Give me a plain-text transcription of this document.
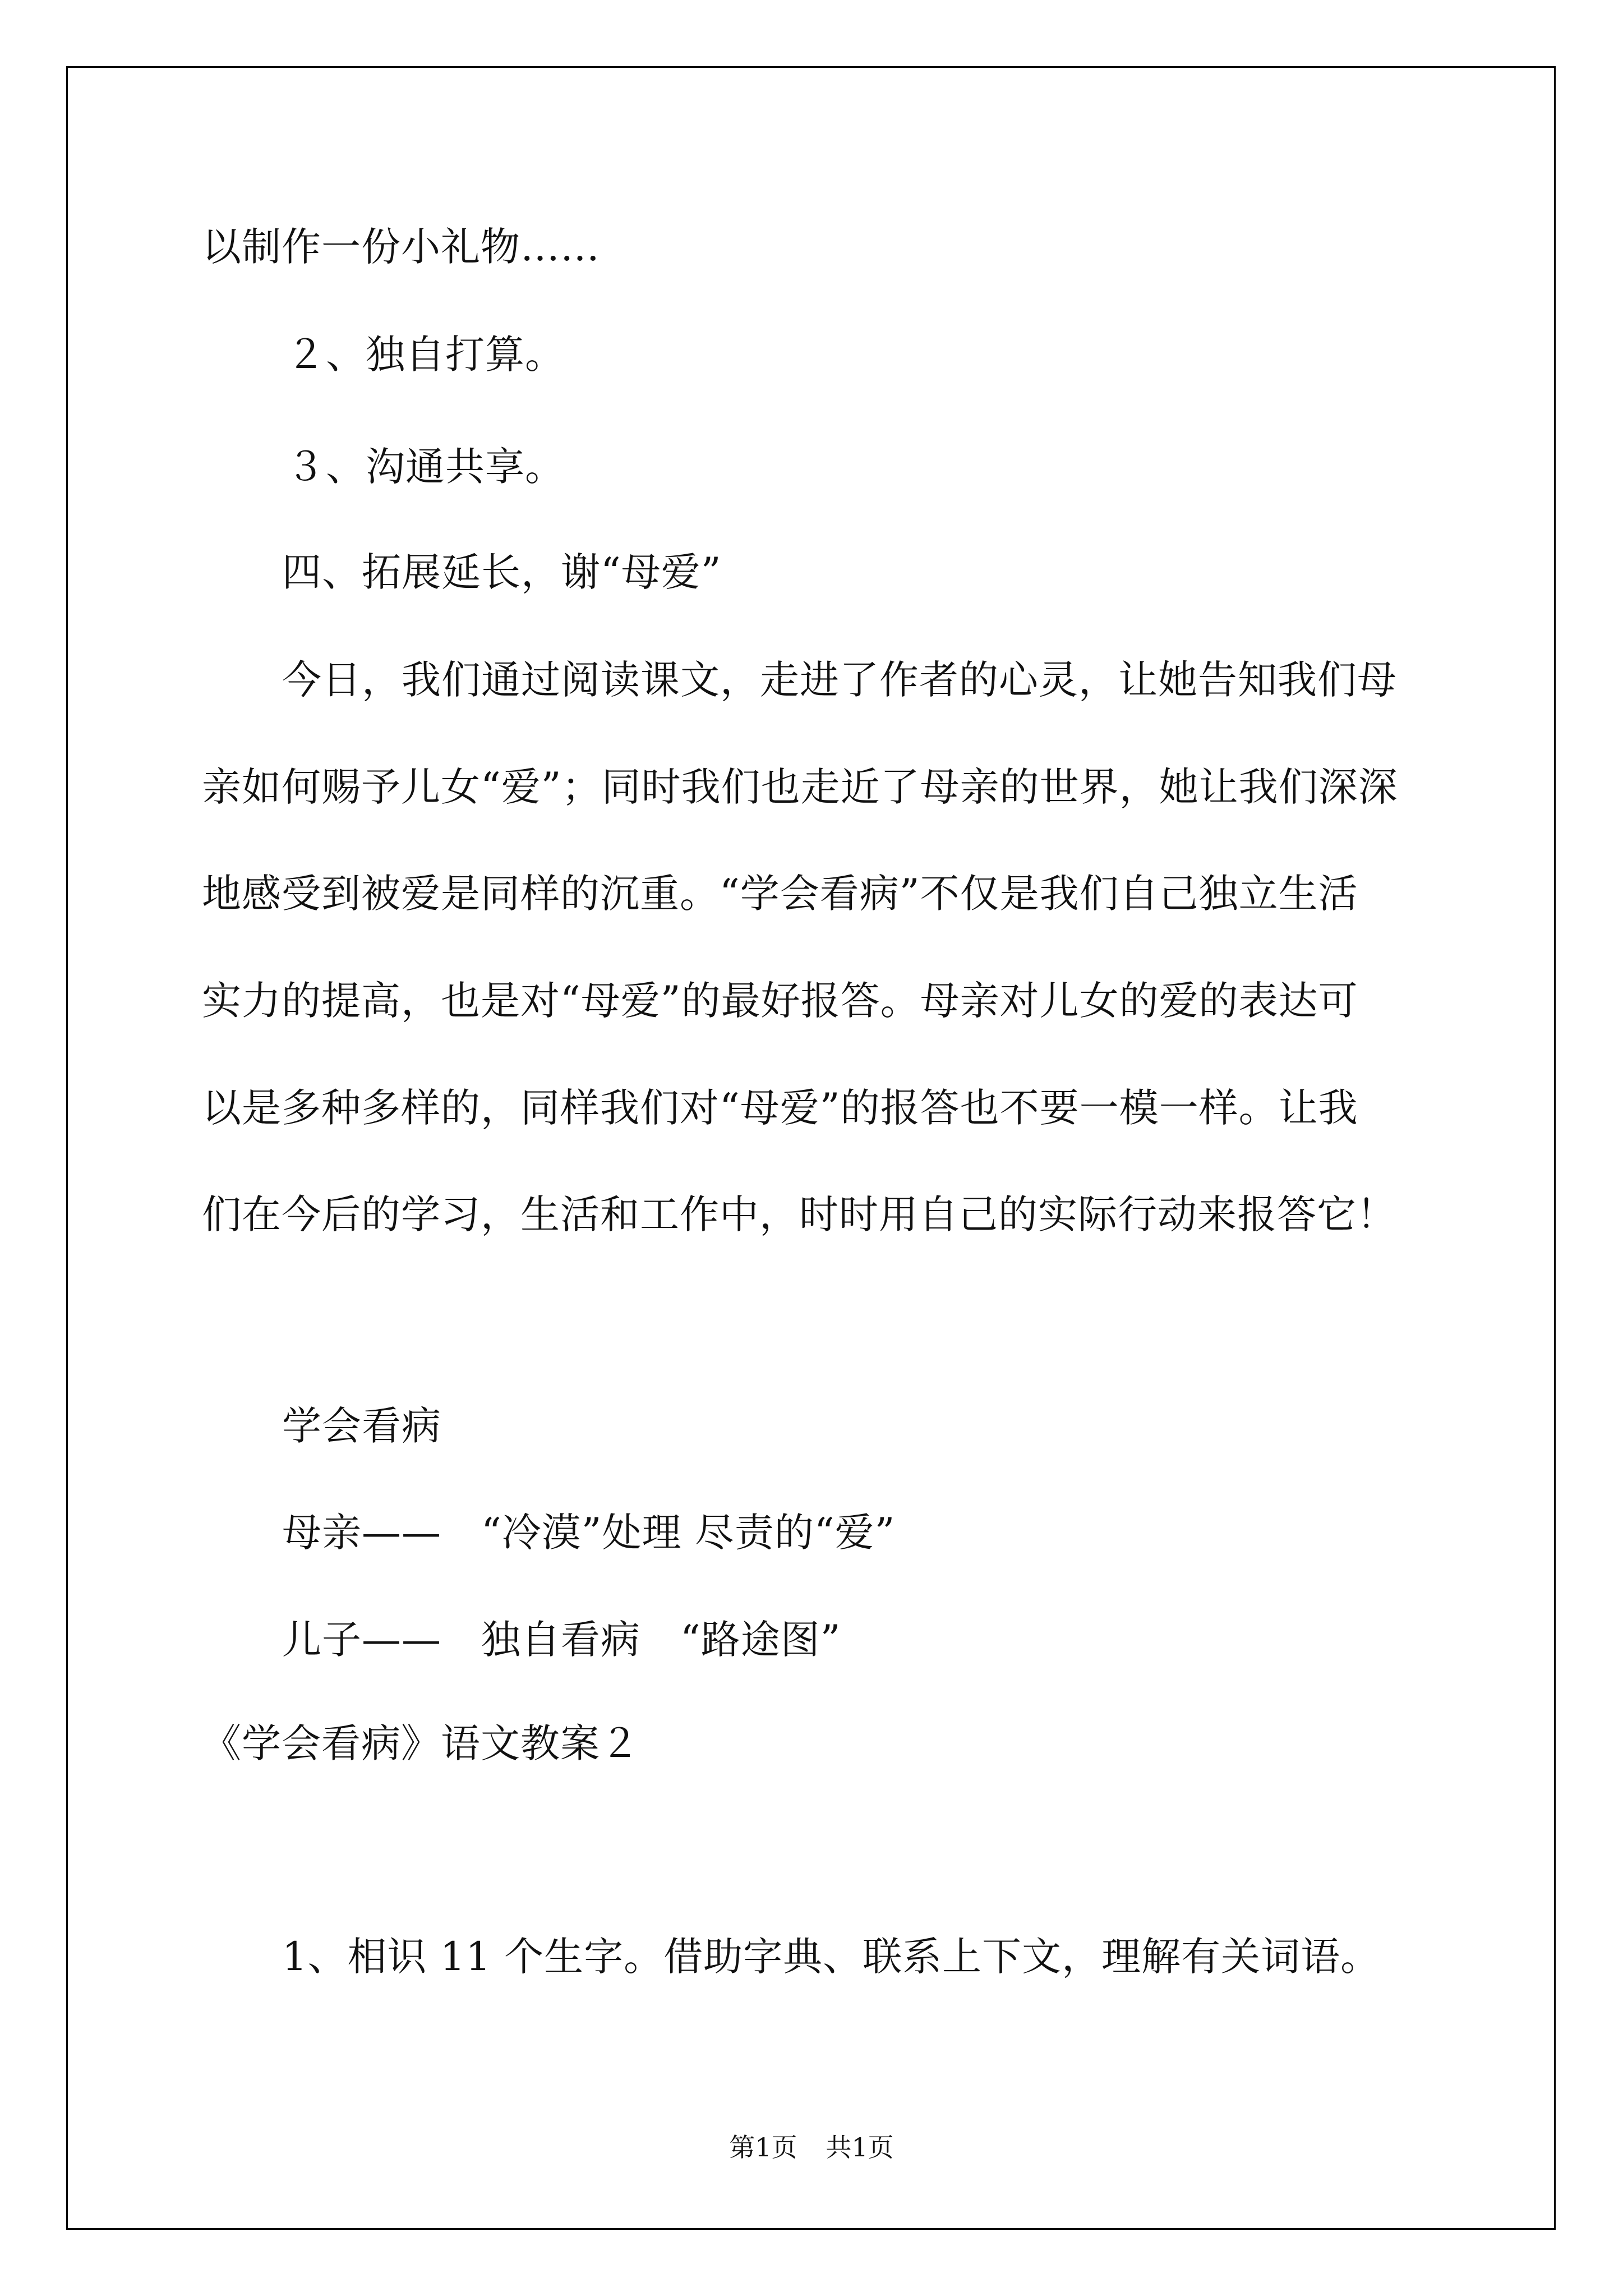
以制作一份小礼物……
２、独自打算。
３、沟通共享。
四、拓展延长，谢“母爱”
今日，我们通过阅读课文，走进了作者的心灵，让她告知我们母
亲如何赐予儿女“爱”；同时我们也走近了母亲的世界，她让我们深深
地感受到被爱是同样的沉重。“学会看病”不仅是我们自己独立生活
实力的提高，也是对“母爱”的最好报答。母亲对儿女的爱的表达可
以是多种多样的，同样我们对“母爱”的报答也不要一模一样。让我
们在今后的学习，生活和工作中，时时用自己的实际行动来报答它！
学会看病
母亲——　“冷漠”处理 尽责的“爱”
儿子——　独自看病　“路途图”
《学会看病》语文教案２
1、相识 11 个生字。借助字典、联系上下文，理解有关词语。
第1页 共1页
